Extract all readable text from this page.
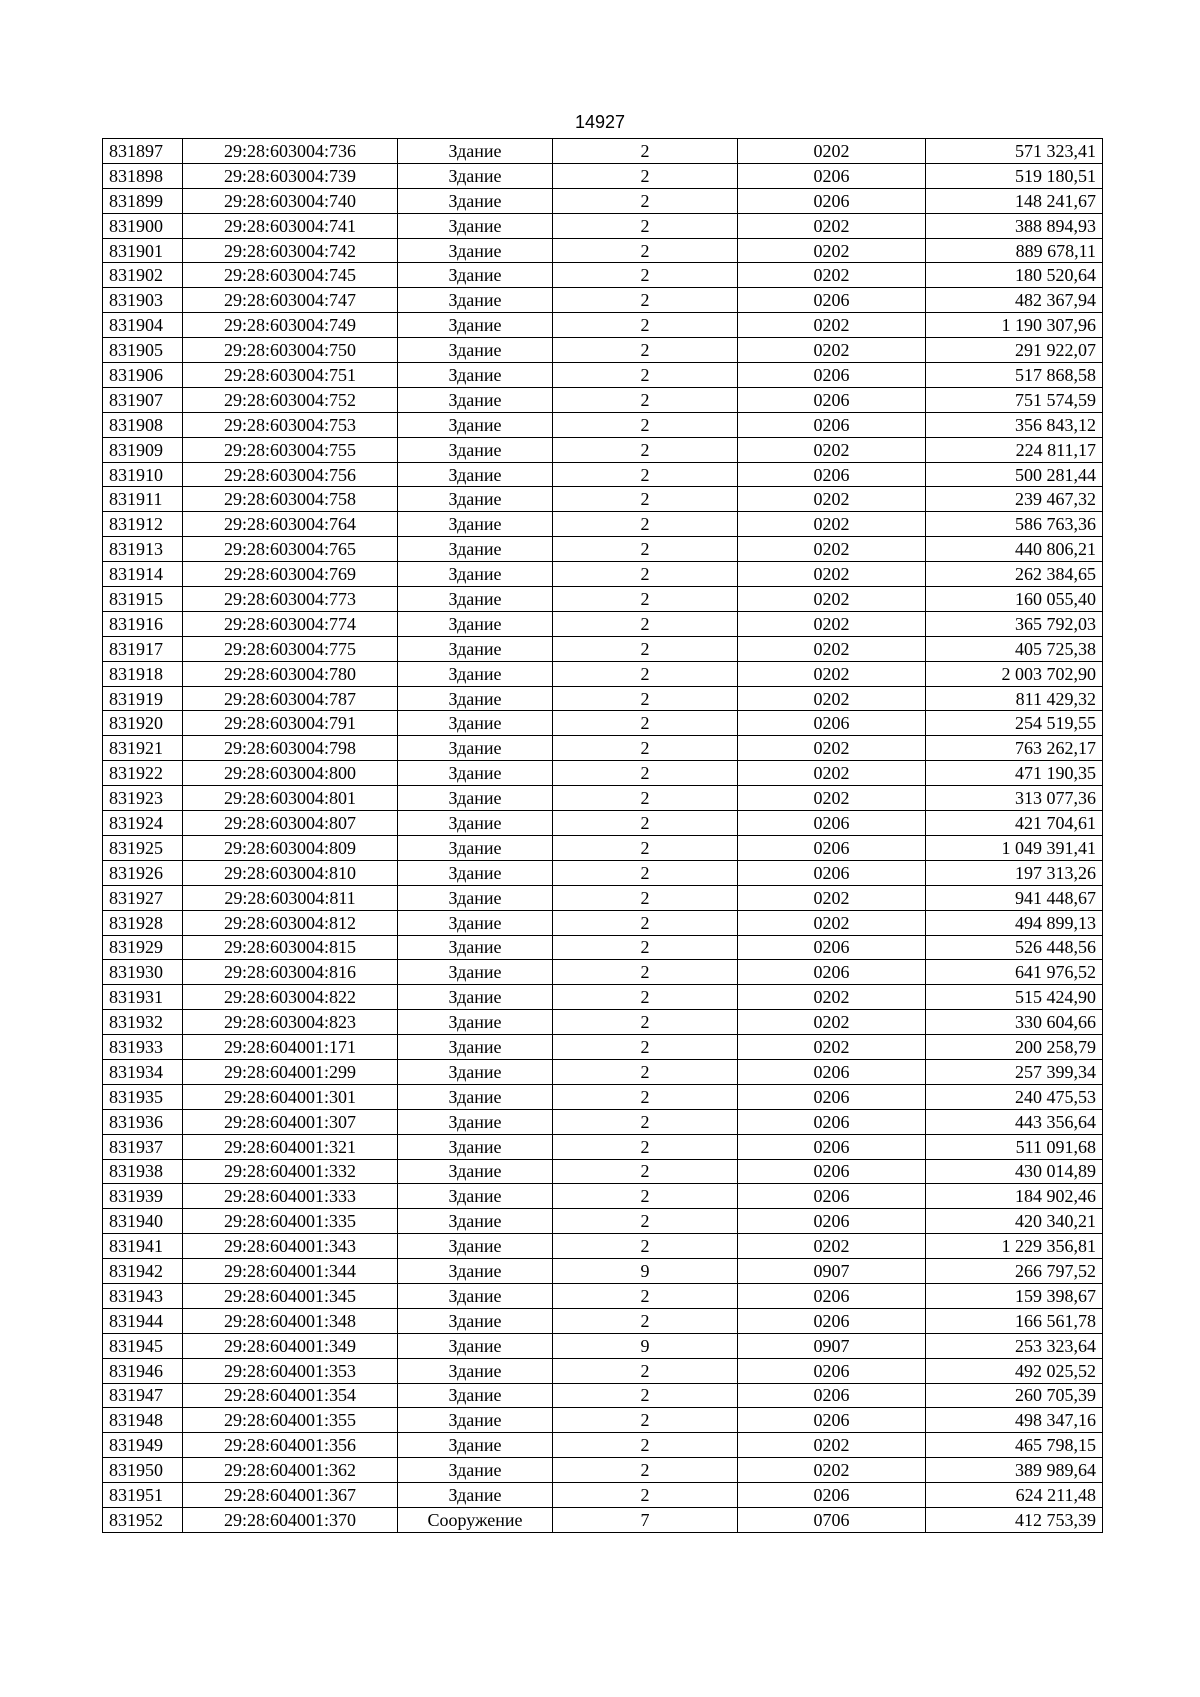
14927
831897	29:28:603004:736	Здание	2	0202	571 323,41
831898	29:28:603004:739	Здание	2	0206	519 180,51
831899	29:28:603004:740	Здание	2	0206	148 241,67
831900	29:28:603004:741	Здание	2	0202	388 894,93
831901	29:28:603004:742	Здание	2	0202	889 678,11
831902	29:28:603004:745	Здание	2	0202	180 520,64
831903	29:28:603004:747	Здание	2	0206	482 367,94
831904	29:28:603004:749	Здание	2	0202	1 190 307,96
831905	29:28:603004:750	Здание	2	0202	291 922,07
831906	29:28:603004:751	Здание	2	0206	517 868,58
831907	29:28:603004:752	Здание	2	0206	751 574,59
831908	29:28:603004:753	Здание	2	0206	356 843,12
831909	29:28:603004:755	Здание	2	0202	224 811,17
831910	29:28:603004:756	Здание	2	0206	500 281,44
831911	29:28:603004:758	Здание	2	0202	239 467,32
831912	29:28:603004:764	Здание	2	0202	586 763,36
831913	29:28:603004:765	Здание	2	0202	440 806,21
831914	29:28:603004:769	Здание	2	0202	262 384,65
831915	29:28:603004:773	Здание	2	0202	160 055,40
831916	29:28:603004:774	Здание	2	0202	365 792,03
831917	29:28:603004:775	Здание	2	0202	405 725,38
831918	29:28:603004:780	Здание	2	0202	2 003 702,90
831919	29:28:603004:787	Здание	2	0202	811 429,32
831920	29:28:603004:791	Здание	2	0206	254 519,55
831921	29:28:603004:798	Здание	2	0202	763 262,17
831922	29:28:603004:800	Здание	2	0202	471 190,35
831923	29:28:603004:801	Здание	2	0202	313 077,36
831924	29:28:603004:807	Здание	2	0206	421 704,61
831925	29:28:603004:809	Здание	2	0206	1 049 391,41
831926	29:28:603004:810	Здание	2	0206	197 313,26
831927	29:28:603004:811	Здание	2	0202	941 448,67
831928	29:28:603004:812	Здание	2	0202	494 899,13
831929	29:28:603004:815	Здание	2	0206	526 448,56
831930	29:28:603004:816	Здание	2	0206	641 976,52
831931	29:28:603004:822	Здание	2	0202	515 424,90
831932	29:28:603004:823	Здание	2	0202	330 604,66
831933	29:28:604001:171	Здание	2	0202	200 258,79
831934	29:28:604001:299	Здание	2	0206	257 399,34
831935	29:28:604001:301	Здание	2	0206	240 475,53
831936	29:28:604001:307	Здание	2	0206	443 356,64
831937	29:28:604001:321	Здание	2	0206	511 091,68
831938	29:28:604001:332	Здание	2	0206	430 014,89
831939	29:28:604001:333	Здание	2	0206	184 902,46
831940	29:28:604001:335	Здание	2	0206	420 340,21
831941	29:28:604001:343	Здание	2	0202	1 229 356,81
831942	29:28:604001:344	Здание	9	0907	266 797,52
831943	29:28:604001:345	Здание	2	0206	159 398,67
831944	29:28:604001:348	Здание	2	0206	166 561,78
831945	29:28:604001:349	Здание	9	0907	253 323,64
831946	29:28:604001:353	Здание	2	0206	492 025,52
831947	29:28:604001:354	Здание	2	0206	260 705,39
831948	29:28:604001:355	Здание	2	0206	498 347,16
831949	29:28:604001:356	Здание	2	0202	465 798,15
831950	29:28:604001:362	Здание	2	0202	389 989,64
831951	29:28:604001:367	Здание	2	0206	624 211,48
831952	29:28:604001:370	Сооружение	7	0706	412 753,39
